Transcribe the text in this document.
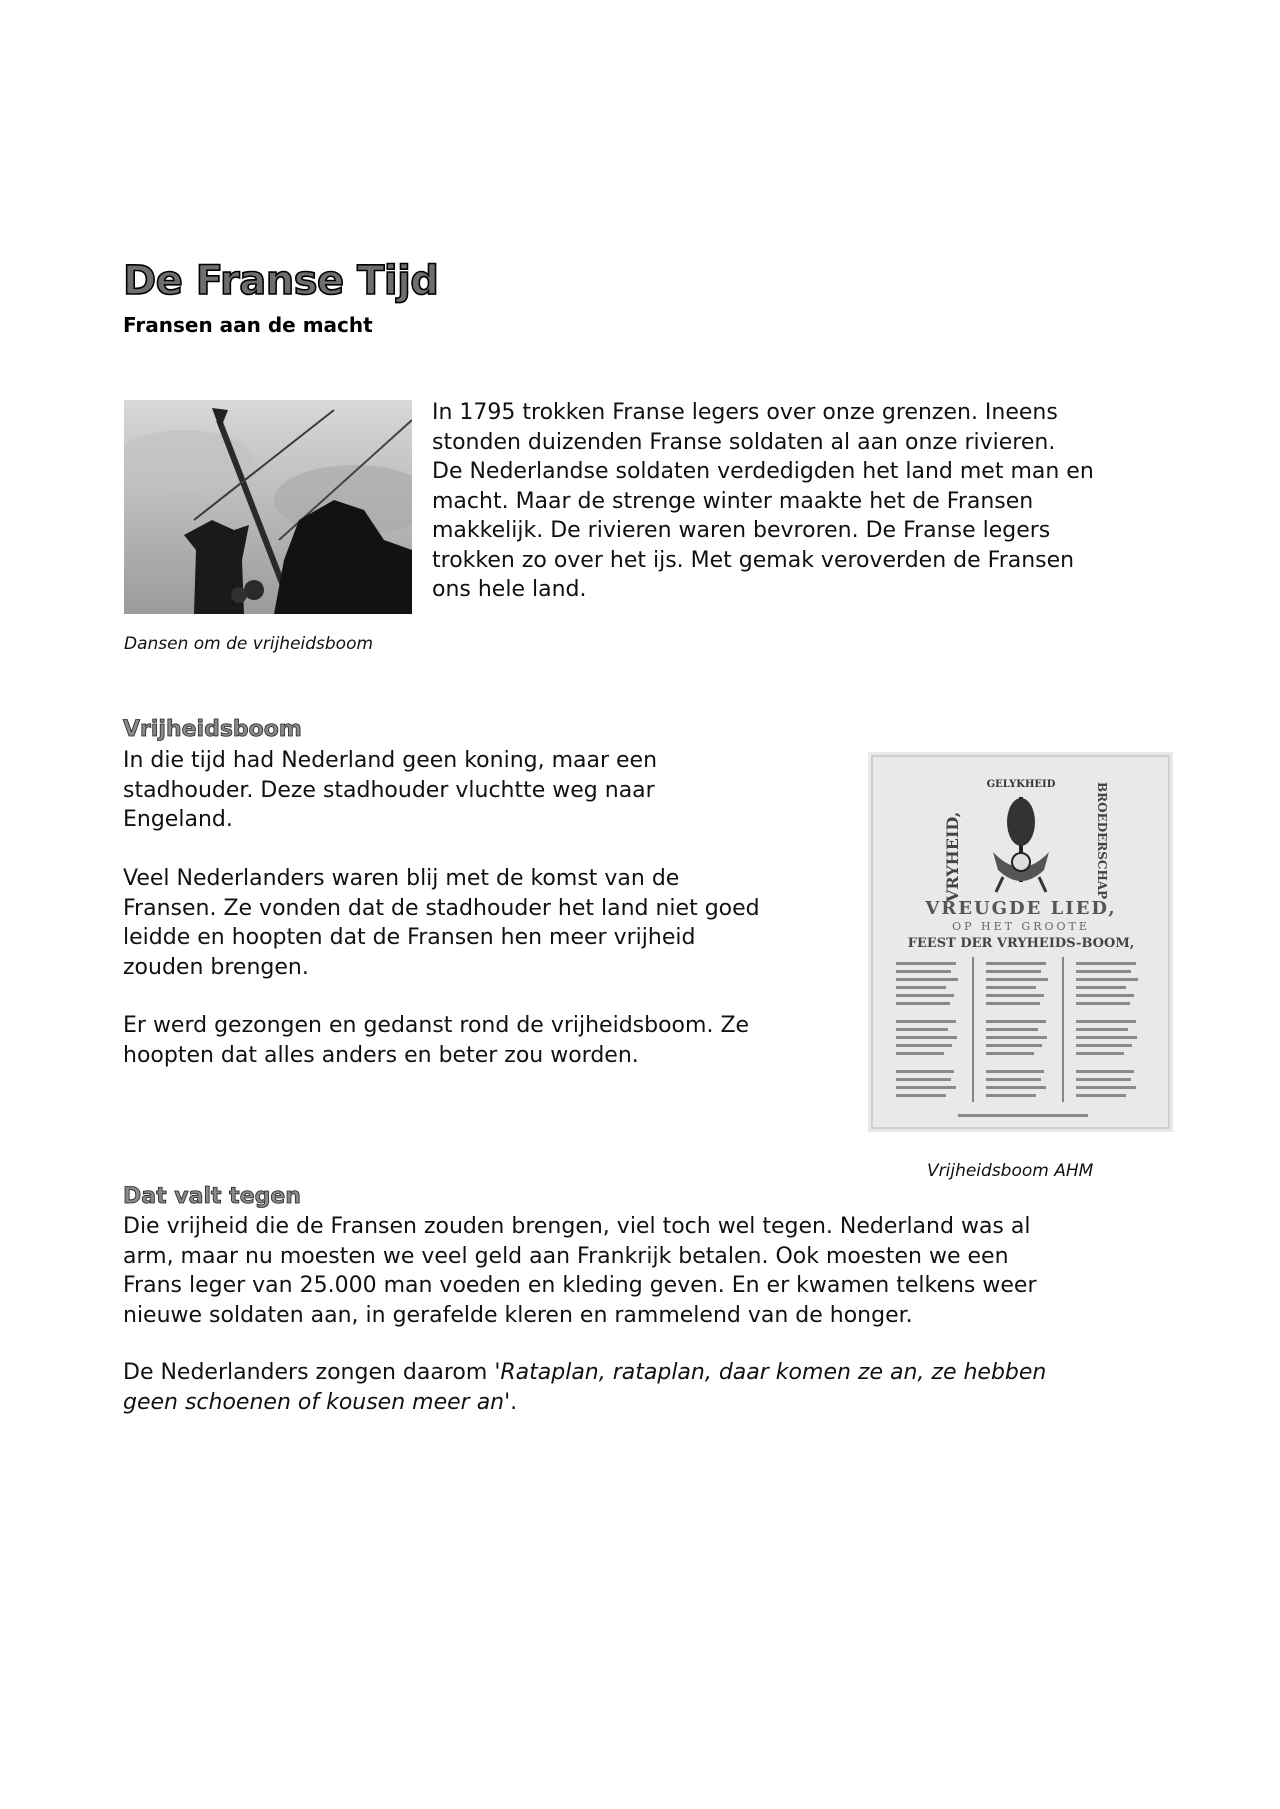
De Franse Tijd
Fransen aan de macht
In 1795 trokken Franse legers over onze grenzen. Ineens
stonden duizenden Franse soldaten al aan onze rivieren.
De Nederlandse soldaten verdedigden het land met man en
macht. Maar de strenge winter maakte het de Fransen
makkelijk. De rivieren waren bevroren. De Franse legers
trokken zo over het ijs. Met gemak veroverden de Fransen
ons hele land.

Dansen om de vrijheidsboom

Vrijheidsboom
In die tijd had Nederland geen koning, maar een
stadhouder. Deze stadhouder vluchtte weg naar
Engeland.
Veel Nederlanders waren blij met de komst van de
Fransen. Ze vonden dat de stadhouder het land niet goed
leidde en hoopten dat de Fransen hen meer vrijheid
zouden brengen.
Er werd gezongen en gedanst rond de vrijheidsboom. Ze
hoopten dat alles anders en beter zou worden.
GELYKHEID
VRYHEID,	BROEDERSCHAP
VREUGDE LIED,
OP HET GROOTE
FEEST DER VRYHEIDS-BOOM,

Vrijheidsboom AHM

Dat valt tegen
Die vrijheid die de Fransen zouden brengen, viel toch wel tegen. Nederland was al
arm, maar nu moesten we veel geld aan Frankrijk betalen. Ook moesten we een
Frans leger van 25.000 man voeden en kleding geven. En er kwamen telkens weer
nieuwe soldaten aan, in gerafelde kleren en rammelend van de honger.
De Nederlanders zongen daarom 'Rataplan, rataplan, daar komen ze an, ze hebben
geen schoenen of kousen meer an'.
